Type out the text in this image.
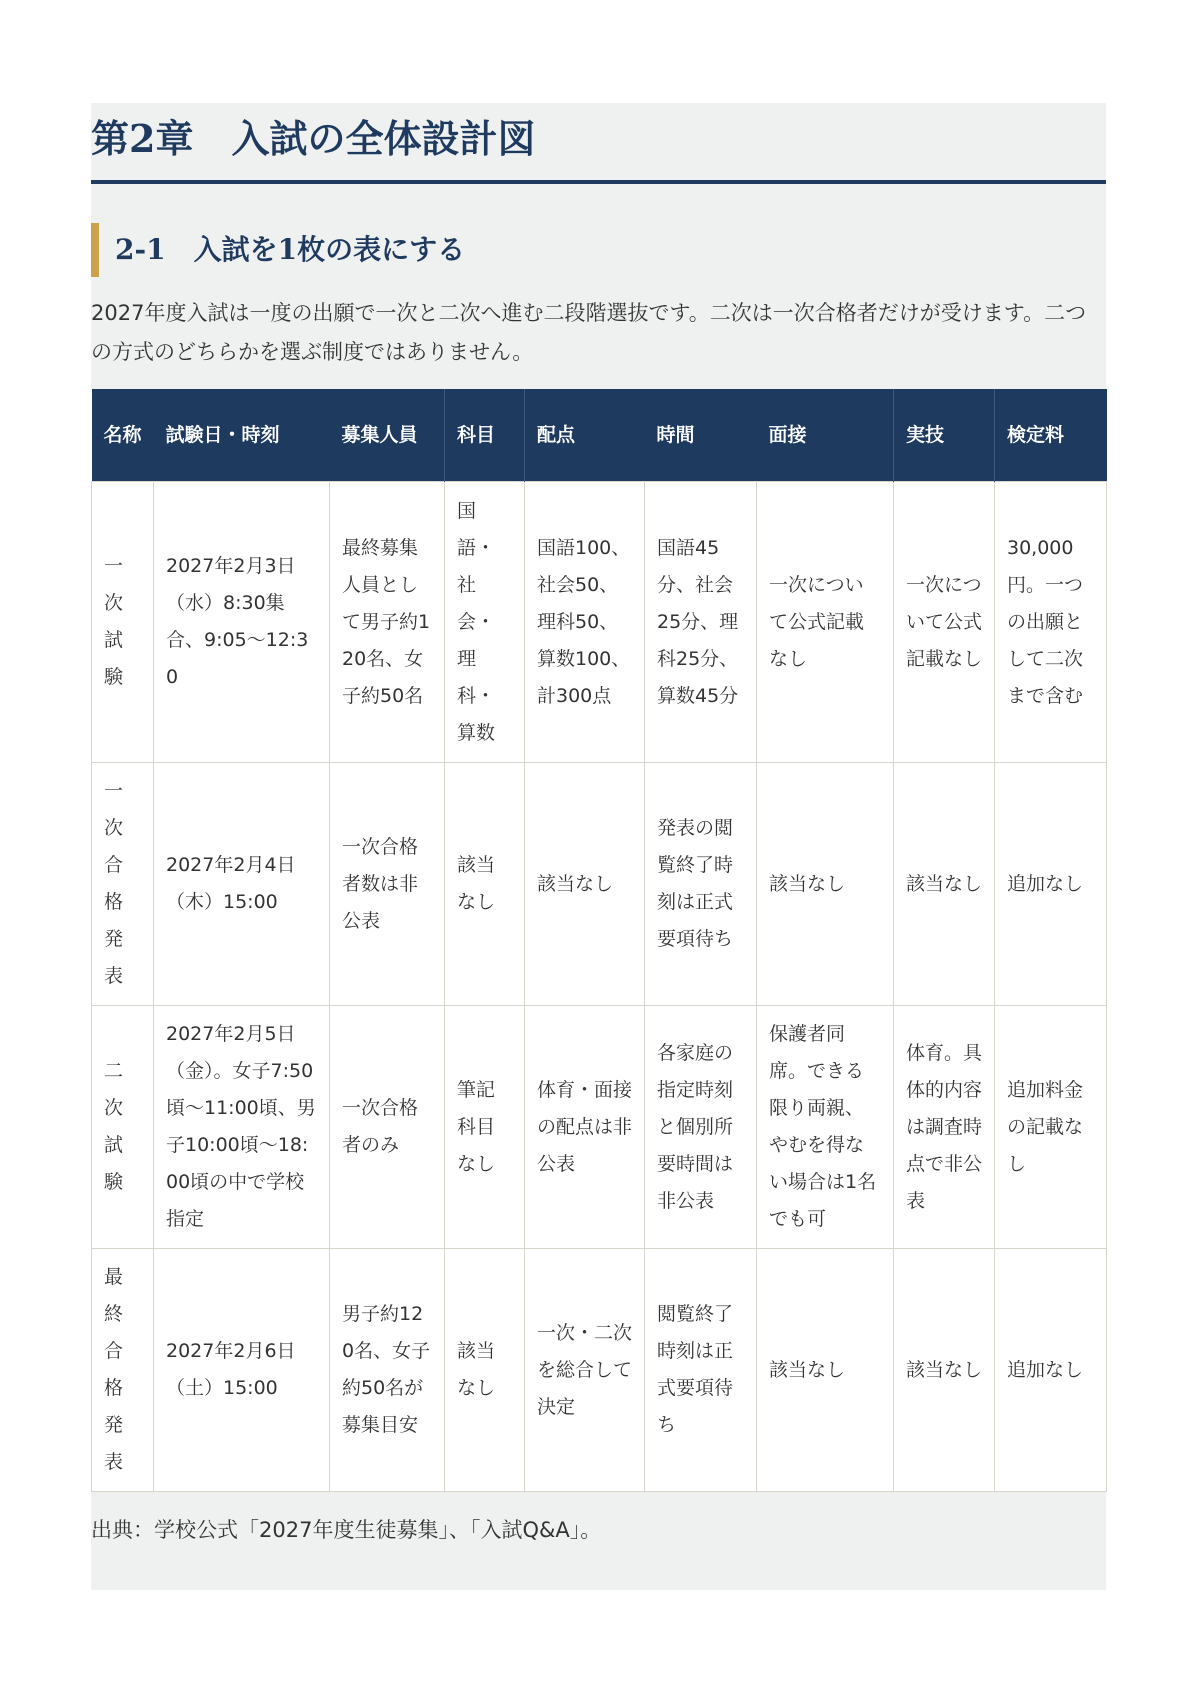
第2章　入試の全体設計図
2-1　入試を1枚の表にする

2027年度入試は一度の出願で一次と二次へ進む二段階選抜です。二次は一次合格者だけが受けます。二つの方式のどちらかを選ぶ制度ではありません。

名称	試験日・時刻	募集人員	科目	配点	時間	面接	実技	検定料
一次試験	2027年2月3日（水）8:30集合、9:05〜12:30	最終募集人員として男子約120名、女子約50名	国語・社会・理科・算数	国語100、社会50、理科50、算数100、計300点	国語45分、社会25分、理科25分、算数45分	一次について公式記載なし	一次について公式記載なし	30,000円。一つの出願として二次まで含む
一次合格発表	2027年2月4日（木）15:00	一次合格者数は非公表	該当なし	該当なし	発表の閲覧終了時刻は正式要項待ち	該当なし	該当なし	追加なし
二次試験	2027年2月5日（金）。女子7:50頃〜11:00頃、男子10:00頃〜18:00頃の中で学校指定	一次合格者のみ	筆記科目なし	体育・面接の配点は非公表	各家庭の指定時刻と個別所要時間は非公表	保護者同席。できる限り両親、やむを得ない場合は1名でも可	体育。具体的内容は調査時点で非公表	追加料金の記載なし
最終合格発表	2027年2月6日（土）15:00	男子約120名、女子約50名が募集目安	該当なし	一次・二次を総合して決定	閲覧終了時刻は正式要項待ち	該当なし	該当なし	追加なし

出典：学校公式「2027年度生徒募集」、「入試Q&A」。
